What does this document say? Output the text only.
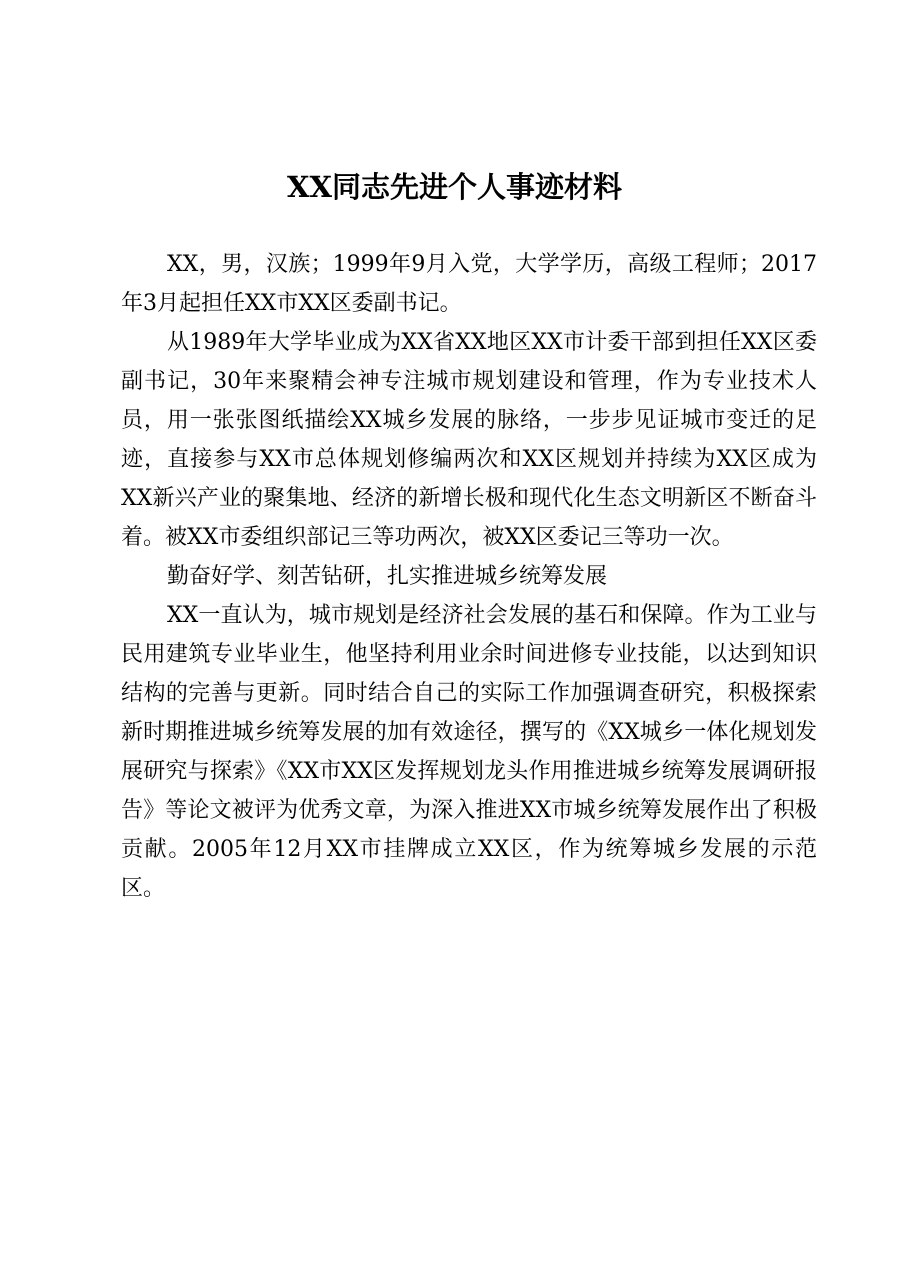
XX同志先进个人事迹材料

XX，男，汉族；1999年9月入党，大学学历，高级工程师；2017年3月起担任XX市XX区委副书记。

从1989年大学毕业成为XX省XX地区XX市计委干部到担任XX区委副书记，30年来聚精会神专注城市规划建设和管理，作为专业技术人员，用一张张图纸描绘XX城乡发展的脉络，一步步见证城市变迁的足迹，直接参与XX市总体规划修编两次和XX区规划并持续为XX区成为XX新兴产业的聚集地、经济的新增长极和现代化生态文明新区不断奋斗着。被XX市委组织部记三等功两次，被XX区委记三等功一次。

勤奋好学、刻苦钻研，扎实推进城乡统筹发展

XX一直认为，城市规划是经济社会发展的基石和保障。作为工业与民用建筑专业毕业生，他坚持利用业余时间进修专业技能，以达到知识结构的完善与更新。同时结合自己的实际工作加强调查研究，积极探索新时期推进城乡统筹发展的加有效途径，撰写的《XX城乡一体化规划发展研究与探索》《XX市XX区发挥规划龙头作用推进城乡统筹发展调研报告》等论文被评为优秀文章，为深入推进XX市城乡统筹发展作出了积极贡献。2005年12月XX市挂牌成立XX区，作为统筹城乡发展的示范区。
